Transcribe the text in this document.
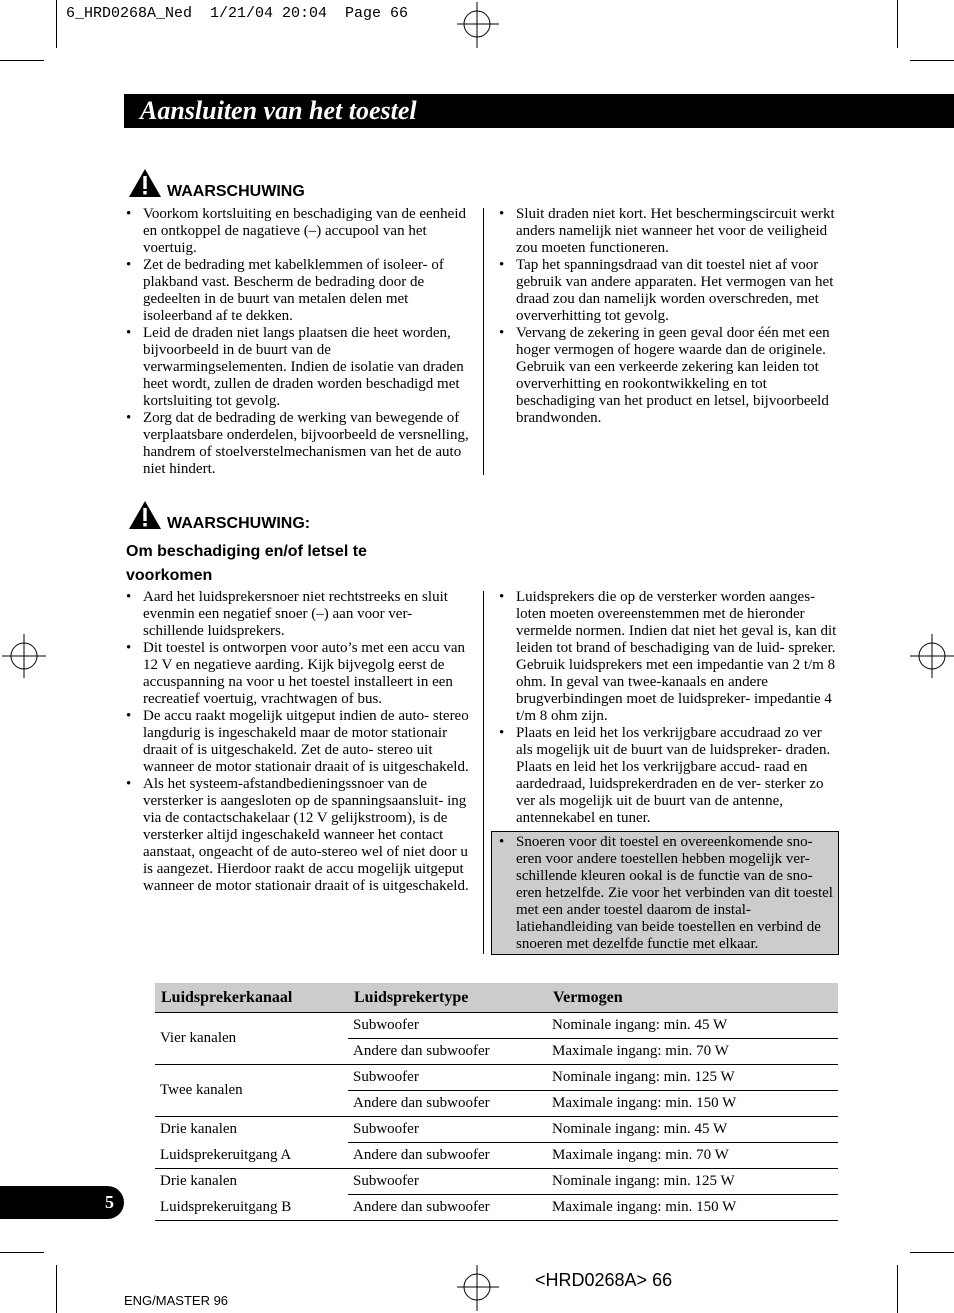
6_HRD0268A_Ned  1/21/04 20:04  Page 66
Aansluiten van het toestel
WAARSCHUWING
• Voorkom kortsluiting en beschadiging van de eenheid en ontkoppel de nagatieve (–) accupool van het voertuig.
• Zet de bedrading met kabelklemmen of isoleer- of plakband vast. Bescherm de bedrading door de gedeelten in de buurt van metalen delen met isoleerband af te dekken.
• Leid de draden niet langs plaatsen die heet worden, bijvoorbeeld in de buurt van de verwarmingselementen. Indien de isolatie van draden heet wordt, zullen de draden worden beschadigd met kortsluiting tot gevolg.
• Zorg dat de bedrading de werking van bewegende of verplaatsbare onderdelen, bijvoorbeeld de versnelling, handrem of stoelverstelmechanismen van het de auto niet hindert.
• Sluit draden niet kort. Het beschermingscircuit werkt anders namelijk niet wanneer het voor de veiligheid zou moeten functioneren.
• Tap het spanningsdraad van dit toestel niet af voor gebruik van andere apparaten. Het vermogen van het draad zou dan namelijk worden overschreden, met oververhitting tot gevolg.
• Vervang de zekering in geen geval door één met een hoger vermogen of hogere waarde dan de originele. Gebruik van een verkeerde zekering kan leiden tot oververhitting en rookontwikkeling en tot beschadiging van het product en letsel, bijvoorbeeld brandwonden.
WAARSCHUWING:
Om beschadiging en/of letsel te voorkomen
• Aard het luidsprekersnoer niet rechtstreeks en sluit evenmin een negatief snoer (–) aan voor ver- schillende luidsprekers.
• Dit toestel is ontworpen voor auto’s met een accu van 12 V en negatieve aarding. Kijk bijvegolg eerst de accuspanning na voor u het toestel installeert in een recreatief voertuig, vrachtwagen of bus.
• De accu raakt mogelijk uitgeput indien de auto- stereo langdurig is ingeschakeld maar de motor stationair draait of is uitgeschakeld. Zet de auto- stereo uit wanneer de motor stationair draait of is uitgeschakeld.
• Als het systeem-afstandbedieningssnoer van de versterker is aangesloten op de spanningsaansluit- ing via de contactschakelaar (12 V gelijkstroom), is de versterker altijd ingeschakeld wanneer het contact aanstaat, ongeacht of de auto-stereo wel of niet door u is aangezet. Hierdoor raakt de accu mogelijk uitgeput wanneer de motor stationair draait of is uitgeschakeld.
• Luidsprekers die op de versterker worden aanges- loten moeten overeenstemmen met de hieronder vermelde normen. Indien dat niet het geval is, kan dit leiden tot brand of beschadiging van de luid- spreker. Gebruik luidsprekers met een impedantie van 2 t/m 8 ohm. In geval van twee-kanaals en andere brugverbindingen moet de luidspreker- impedantie 4 t/m 8 ohm zijn.
• Plaats en leid het los verkrijgbare accudraad zo ver als mogelijk uit de buurt van de luidspreker- draden. Plaats en leid het los verkrijgbare accud- raad en aardedraad, luidsprekerdraden en de ver- sterker zo ver als mogelijk uit de buurt van de antenne, antennekabel en tuner.
• Snoeren voor dit toestel en overeenkomende sno- eren voor andere toestellen hebben mogelijk ver- schillende kleuren ookal is de functie van de sno- eren hetzelfde. Zie voor het verbinden van dit toestel met een ander toestel daarom de instal- latiehandleiding van beide toestellen en verbind de snoeren met dezelfde functie met elkaar.
Luidsprekerkanaal	Luidsprekertype	Vermogen
Vier kanalen	Subwoofer	Nominale ingang: min. 45 W
	Andere dan subwoofer	Maximale ingang: min. 70 W
Twee kanalen	Subwoofer	Nominale ingang: min. 125 W
	Andere dan subwoofer	Maximale ingang: min. 150 W
Drie kanalen	Subwoofer	Nominale ingang: min. 45 W
Luidsprekeruitgang A	Andere dan subwoofer	Maximale ingang: min. 70 W
Drie kanalen	Subwoofer	Nominale ingang: min. 125 W
Luidsprekeruitgang B	Andere dan subwoofer	Maximale ingang: min. 150 W
5
<HRD0268A> 66
ENG/MASTER 96
